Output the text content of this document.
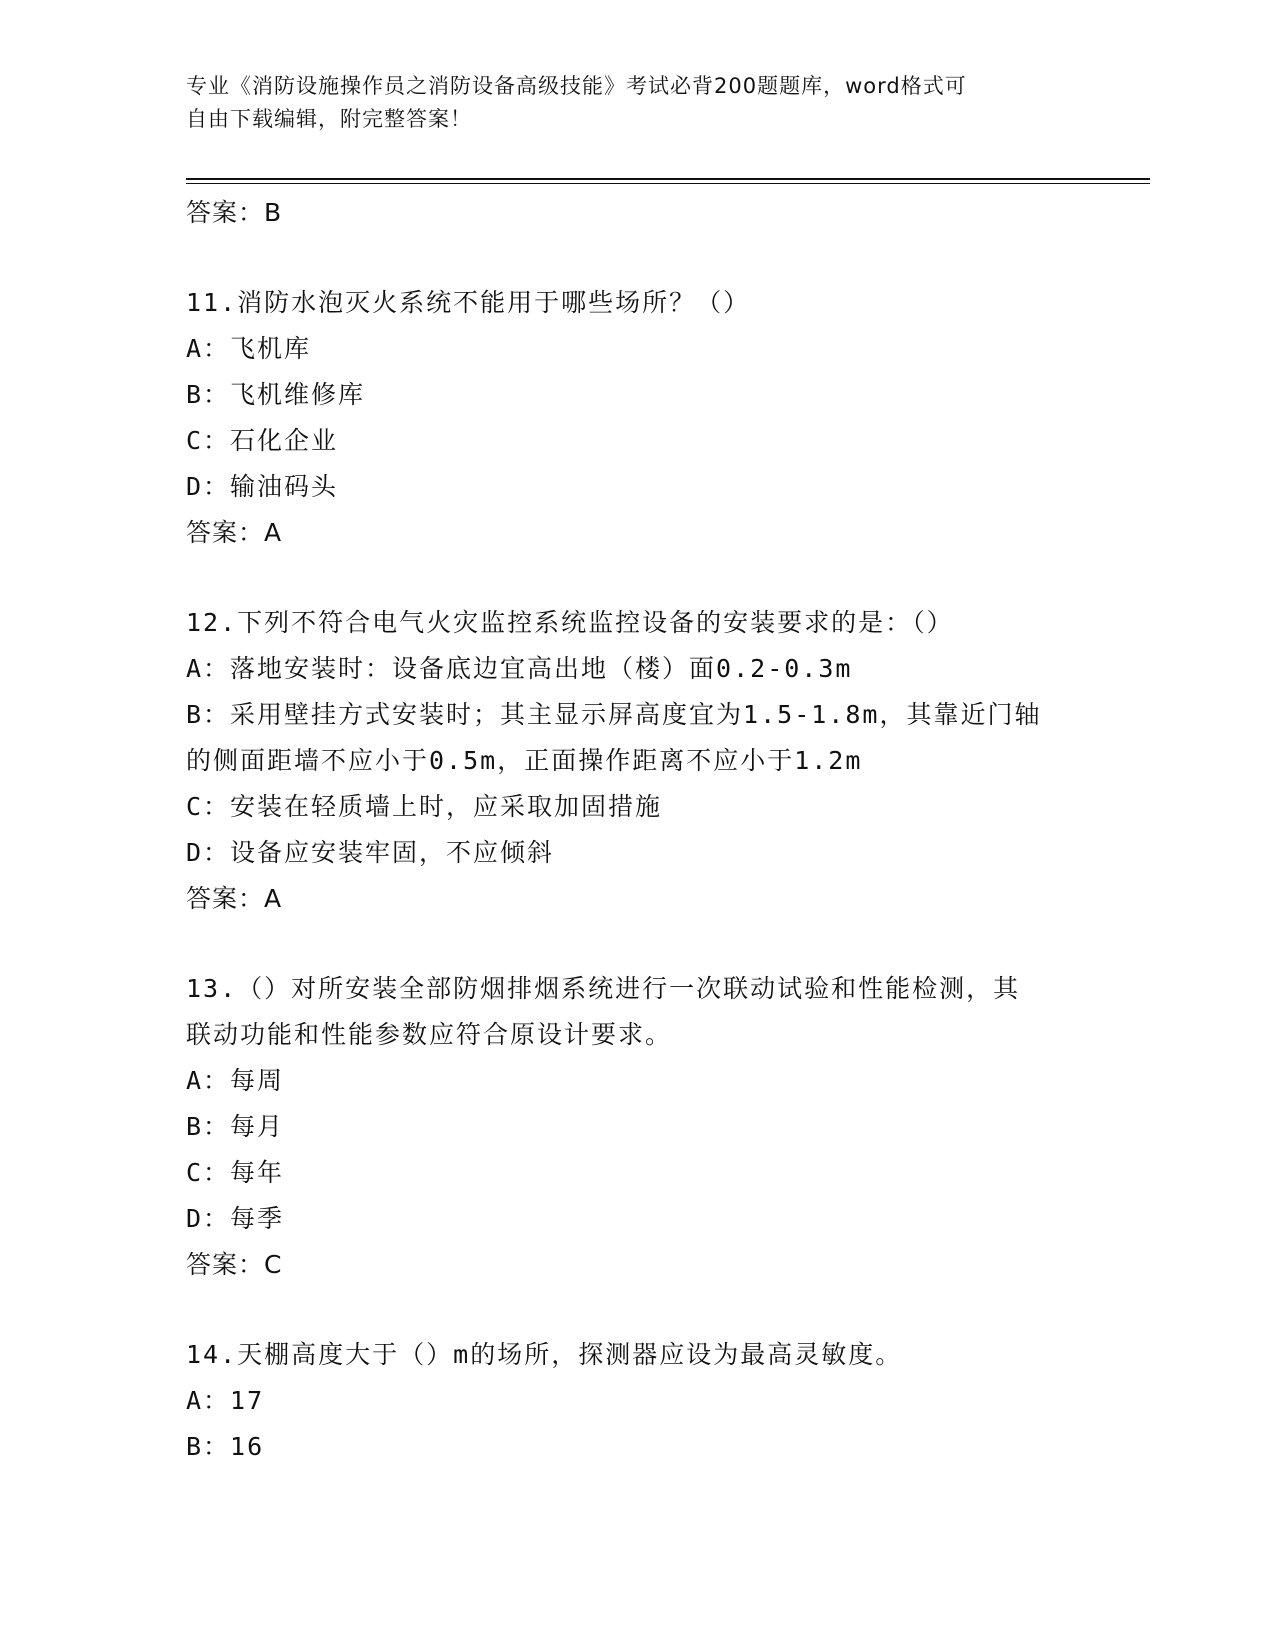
专业《消防设施操作员之消防设备高级技能》考试必背200题题库，word格式可
自由下载编辑，附完整答案！
答案：B
11.消防水泡灭火系统不能用于哪些场所？（）
A：飞机库
B：飞机维修库
C：石化企业
D：输油码头
答案：A
12.下列不符合电气火灾监控系统监控设备的安装要求的是：（）
A：落地安装时：设备底边宜高出地（楼）面0.2-0.3m
B：采用壁挂方式安装时；其主显示屏高度宜为1.5-1.8m，其靠近门轴
的侧面距墙不应小于0.5m，正面操作距离不应小于1.2m
C：安装在轻质墙上时，应采取加固措施
D：设备应安装牢固，不应倾斜
答案：A
13.（）对所安装全部防烟排烟系统进行一次联动试验和性能检测，其
联动功能和性能参数应符合原设计要求。
A：每周
B：每月
C：每年
D：每季
答案：C
14.天棚高度大于（）m的场所，探测器应设为最高灵敏度。
A：17
B：16
